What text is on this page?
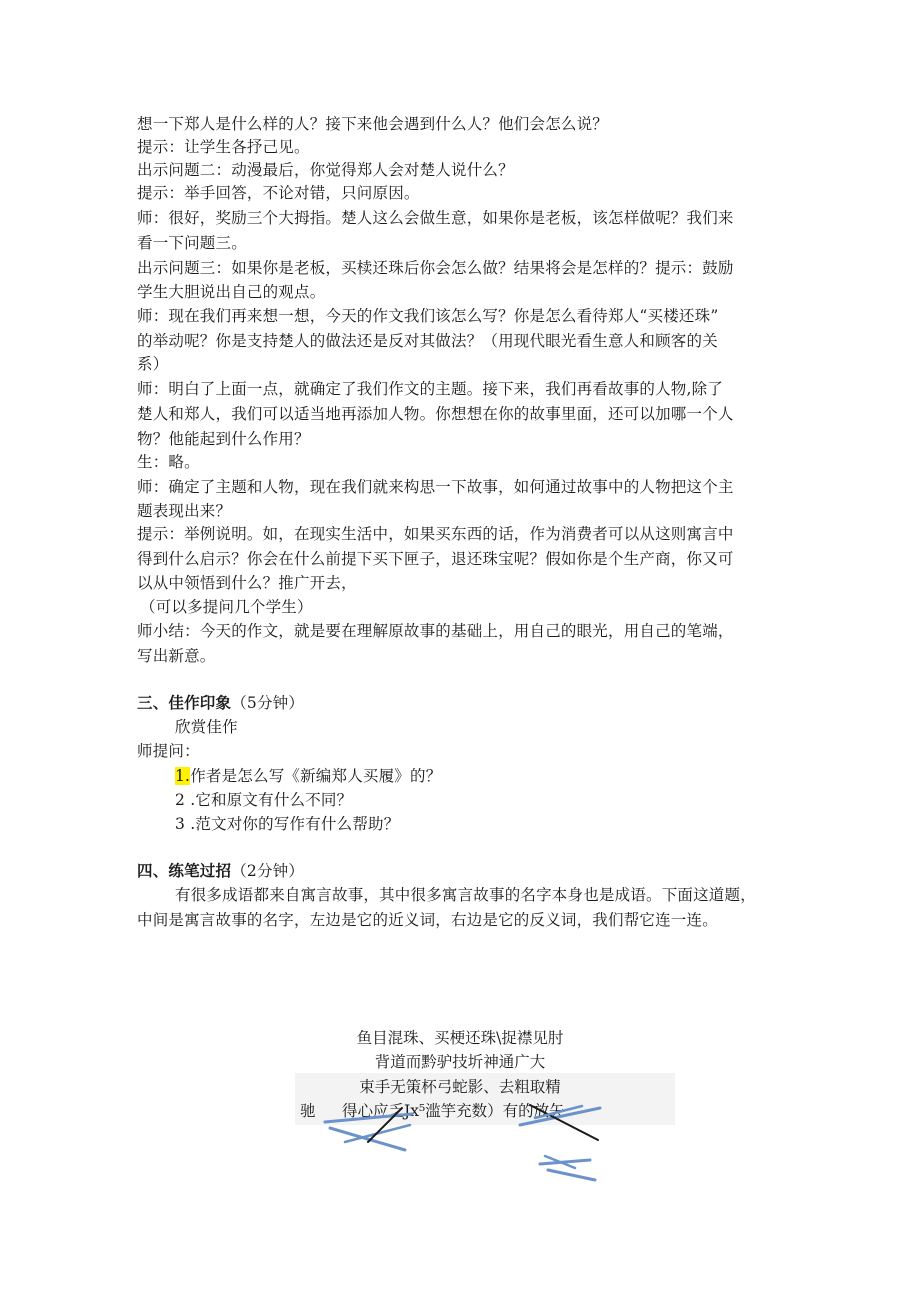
想一下郑人是什么样的人？接下来他会遇到什么人？他们会怎么说？
提示：让学生各抒己见。
出示问题二：动漫最后，你觉得郑人会对楚人说什么？
提示：举手回答，不论对错，只问原因。
师：很好，奖励三个大拇指。楚人这么会做生意，如果你是老板，该怎样做呢？我们来
看一下问题三。
出示问题三：如果你是老板，买椟还珠后你会怎么做？结果将会是怎样的？提示：鼓励
学生大胆说出自己的观点。
师：现在我们再来想一想，今天的作文我们该怎么写？你是怎么看待郑人“买楼还珠”
的举动呢？你是支持楚人的做法还是反对其做法？（用现代眼光看生意人和顾客的关
系）
师：明白了上面一点，就确定了我们作文的主题。接下来，我们再看故事的人物,除了
楚人和郑人，我们可以适当地再添加人物。你想想在你的故事里面，还可以加哪一个人
物？他能起到什么作用？
生：略。
师：确定了主题和人物，现在我们就来构思一下故事，如何通过故事中的人物把这个主
题表现出来？
提示：举例说明。如，在现实生活中，如果买东西的话，作为消费者可以从这则寓言中
得到什么启示？你会在什么前提下买下匣子，退还珠宝呢？假如你是个生产商，你又可
以从中领悟到什么？推广开去，
（可以多提问几个学生）
师小结：今天的作文，就是要在理解原故事的基础上，用自己的眼光，用自己的笔端，
写出新意。
三、佳作印象（5分钟）
欣赏佳作
师提问：
1.作者是怎么写《新编郑人买履》的？
2 .它和原文有什么不同？
3 .范文对你的写作有什么帮助？
四、练笔过招（2分钟）
有很多成语都来自寓言故事，其中很多寓言故事的名字本身也是成语。下面这道题，
中间是寓言故事的名字，左边是它的近义词，右边是它的反义词，我们帮它连一连。
鱼目混珠、买梗还珠\捉襟见肘
背道而黔驴技圻神通广大
束手无策杯弓蛇影、去粗取精
驰 得心应乏Jx⁵滥竽充数）有的放矢
